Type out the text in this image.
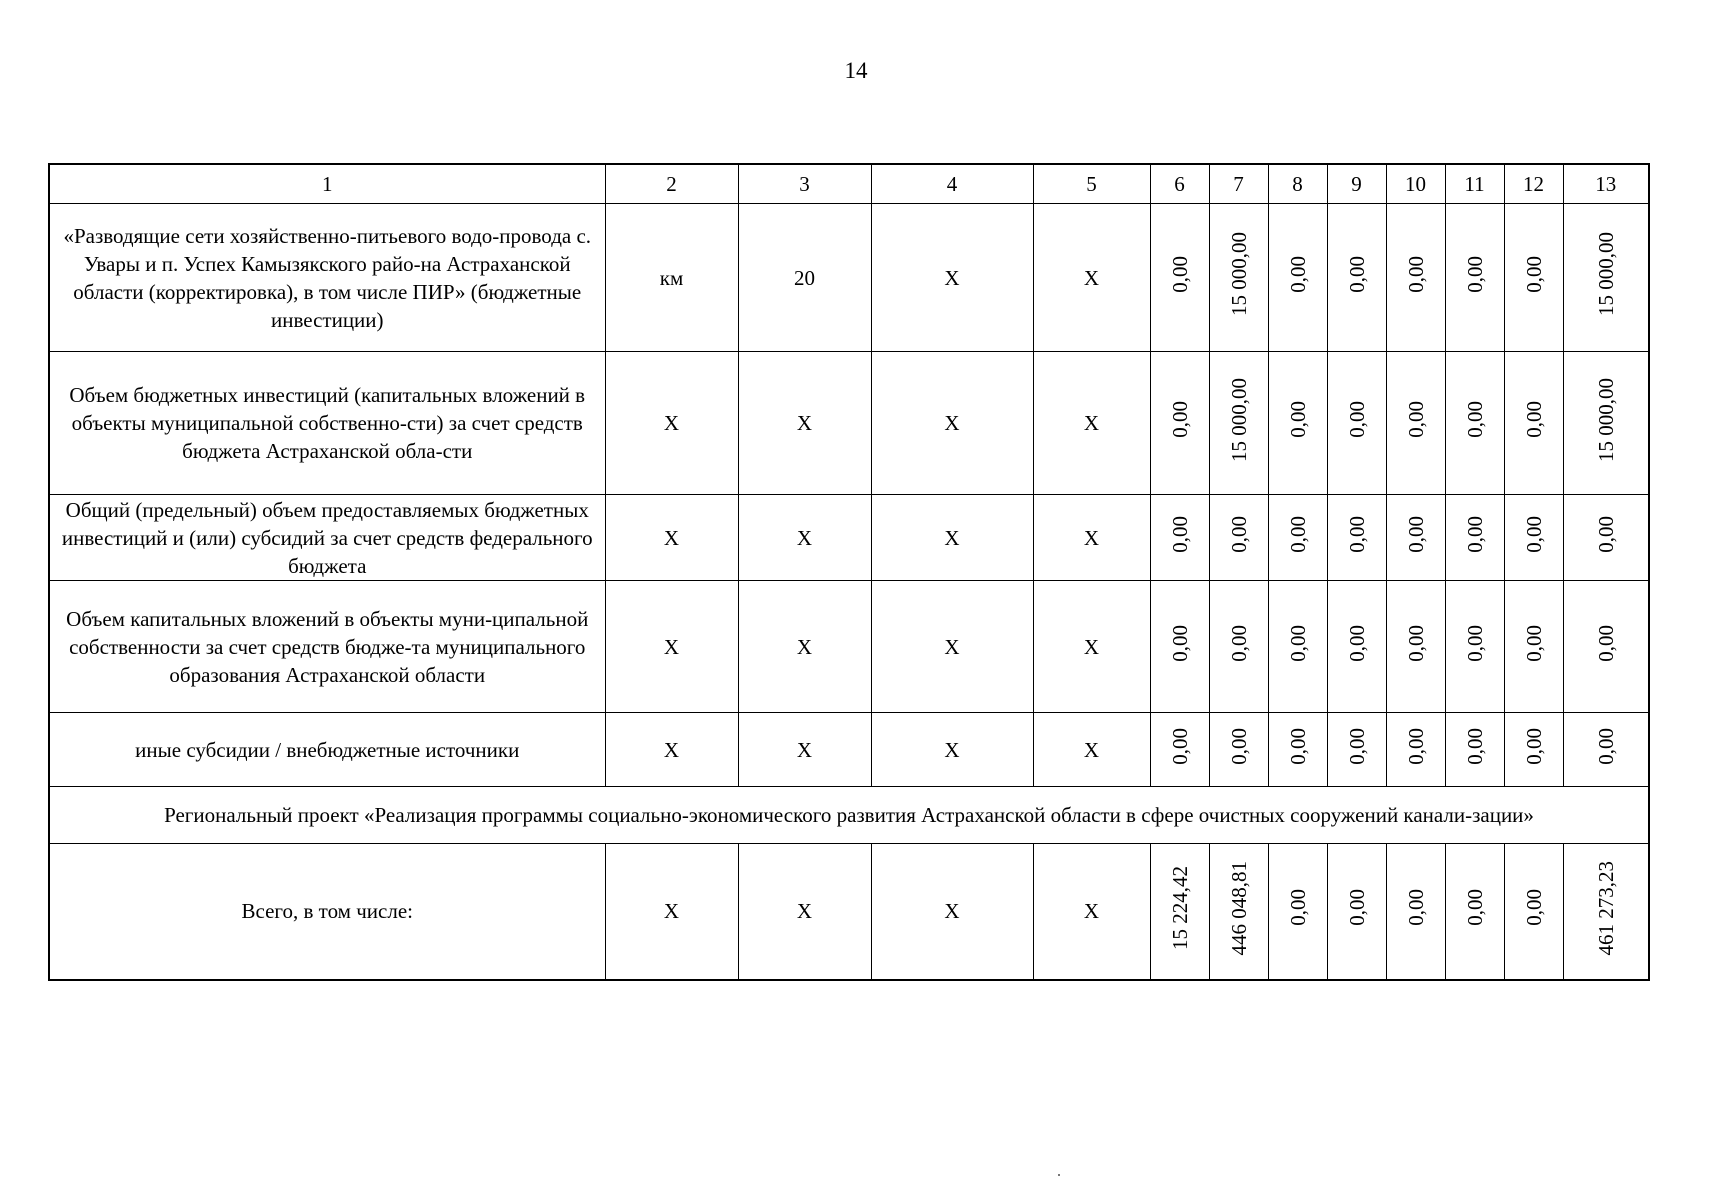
14
1	2	3	4	5	6	7	8	9	10	11	12	13
«Разводящие сети хозяйственно-питьевого водо-провода с. Увары и п. Успех Камызякского райо-на Астраханской области (корректировка), в том числе ПИР» (бюджетные инвестиции)	км	20	Х	Х	0,00	15 000,00	0,00	0,00	0,00	0,00	0,00	15 000,00
Объем бюджетных инвестиций (капитальных вложений в объекты муниципальной собственно-сти) за счет средств бюджета Астраханской обла-сти	Х	Х	Х	Х	0,00	15 000,00	0,00	0,00	0,00	0,00	0,00	15 000,00
Общий (предельный) объем предоставляемых бюджетных инвестиций и (или) субсидий за счет средств федерального бюджета	Х	Х	Х	Х	0,00	0,00	0,00	0,00	0,00	0,00	0,00	0,00
Объем капитальных вложений в объекты муни-ципальной собственности за счет средств бюдже-та муниципального образования Астраханской области	Х	Х	Х	Х	0,00	0,00	0,00	0,00	0,00	0,00	0,00	0,00
иные субсидии / внебюджетные источники	Х	Х	Х	Х	0,00	0,00	0,00	0,00	0,00	0,00	0,00	0,00
Региональный проект «Реализация программы социально-экономического развития Астраханской области в сфере очистных сооружений канали-зации»												
Всего, в том числе:	Х	Х	Х	Х	15 224,42	446 048,81	0,00	0,00	0,00	0,00	0,00	461 273,23
